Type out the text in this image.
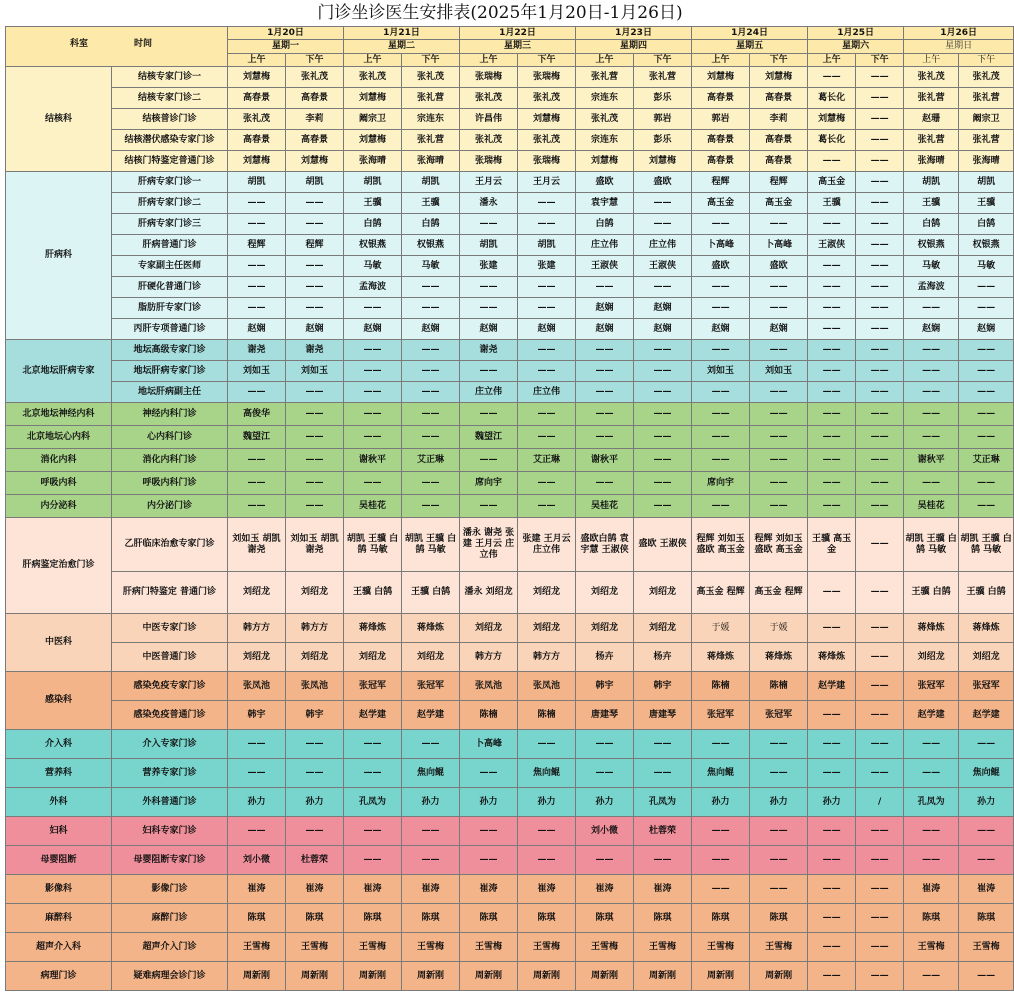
门诊坐诊医生安排表(2025年1月20日-1月26日)
科室 时间		1月20日		1月21日		1月22日		1月23日		1月24日		1月25日		1月26日	
		星期一		星期二		星期三		星期四		星期五		星期六		星期日	
		上午	下午	上午	下午	上午	下午	上午	下午	上午	下午	上午	下午	上午	下午
结核科	结核专家门诊一	刘慧梅	张礼茂	张礼茂	张礼茂	张瑞梅	张瑞梅	张礼营	张礼营	刘慧梅	刘慧梅	——	——	张礼茂	张礼茂
	结核专家门诊二	高春景	高春景	刘慧梅	张礼营	张礼茂	张礼茂	宗连东	彭乐	高春景	高春景	葛长化	——	张礼营	张礼营
	结核普诊门诊	张礼茂	李莉	阚宗卫	宗连东	许昌伟	刘慧梅	张礼茂	郭岩	郭岩	李莉	刘慧梅	——	赵珊	阚宗卫
	结核潜伏感染专家门诊	高春景	高春景	刘慧梅	张礼营	张礼茂	张礼茂	宗连东	彭乐	高春景	高春景	葛长化	——	张礼营	张礼营
	结核门特鉴定普通门诊	刘慧梅	刘慧梅	张海晴	张海晴	张瑞梅	张瑞梅	刘慧梅	刘慧梅	高春景	高春景	——	——	张海晴	张海晴
肝病科	肝病专家门诊一	胡凯	胡凯	胡凯	胡凯	王月云	王月云	盛欧	盛欧	程辉	程辉	高玉金	——	胡凯	胡凯
	肝病专家门诊二	——	——	王骥	王骥	潘永	——	袁宇慧	——	高玉金	高玉金	王骥	——	王骥	王骥
	肝病专家门诊三	——	——	白鹄	白鹄	——	——	白鹄	——	——	——	——	——	白鹄	白鹄
	肝病普通门诊	程辉	程辉	权银燕	权银燕	胡凯	胡凯	庄立伟	庄立伟	卜高峰	卜高峰	王淑侠	——	权银燕	权银燕
	专家副主任医师	——	——	马敏	马敏	张建	张建	王淑侠	王淑侠	盛欧	盛欧	——	——	马敏	马敏
	肝硬化普通门诊	——	——	孟海波	——	——	——	——	——	——	——	——	——	孟海波	——
	脂肪肝专家门诊	——	——	——	——	——	——	赵娴	赵娴	——	——	——	——	——	——
	丙肝专项普通门诊	赵娴	赵娴	赵娴	赵娴	赵娴	赵娴	赵娴	赵娴	赵娴	赵娴	——	——	赵娴	赵娴
北京地坛肝病专家	地坛高级专家门诊	谢尧	谢尧	——	——	谢尧	——	——	——	——	——	——	——	——	——
	地坛肝病专家门诊	刘如玉	刘如玉	——	——	——	——	——	——	刘如玉	刘如玉	——	——	——	——
	地坛肝病副主任	——	——	——	——	庄立伟	庄立伟	——	——	——	——	——	——	——	——
北京地坛神经内科	神经内科门诊	高俊华	——	——	——	——	——	——	——	——	——	——	——	——	——
北京地坛心内科	心内科门诊	魏望江	——	——	——	魏望江	——	——	——	——	——	——	——	——	——
消化内科	消化内科门诊	——	——	谢秋平	艾正琳	——	艾正琳	谢秋平	——	——	——	——	——	谢秋平	艾正琳
呼吸内科	呼吸内科门诊	——	——	——	——	席向宇	——	——	——	席向宇	——	——	——	——	——
内分泌科	内分泌门诊	——	——	吴桂花	——	——	——	吴桂花	——	——	——	——	——	吴桂花	——
肝病鉴定治愈门诊	乙肝临床治愈专家门诊	刘如玉 胡凯 谢尧	刘如玉 胡凯谢尧	胡凯 王骥 白鹄 马敏	胡凯 王骥 白鹄 马敏	潘永 谢尧 张建 王月云 庄立伟	张建 王月云庄立伟	盛欧白鹄 袁宇慧 王淑侠	盛欧 王淑侠	程辉 刘如玉 盛欧 高玉金	程辉 刘如玉 盛欧 高玉金	王骥 高玉金	——	胡凯 王骥 白鹄 马敏	胡凯 王骥 白鹄 马敏
	肝病门特鉴定 普通门诊	刘绍龙	刘绍龙	王骥 白鹄	王骥 白鹄	潘永 刘绍龙	刘绍龙	刘绍龙	刘绍龙	高玉金 程辉	高玉金 程辉	——	——	王骥 白鹄	王骥 白鹄
中医科	中医专家门诊	韩方方	韩方方	蒋烽炼	蒋烽炼	刘绍龙	刘绍龙	刘绍龙	刘绍龙	于媛	于媛	——	——	蒋烽炼	蒋烽炼
	中医普通门诊	刘绍龙	刘绍龙	刘绍龙	刘绍龙	韩方方	韩方方	杨卉	杨卉	蒋烽炼	蒋烽炼	蒋烽炼	——	刘绍龙	刘绍龙
感染科	感染免疫专家门诊	张凤池	张凤池	张冠军	张冠军	张凤池	张凤池	韩宇	韩宇	陈楠	陈楠	赵学建	——	张冠军	张冠军
	感染免疫普通门诊	韩宇	韩宇	赵学建	赵学建	陈楠	陈楠	唐建琴	唐建琴	张冠军	张冠军	——	——	赵学建	赵学建
介入科	介入专家门诊	——	——	——	——	卜高峰	——	——	——	——	——	——	——	——	——
营养科	营养专家门诊	——	——	——	焦向鲲	——	焦向鲲	——	——	焦向鲲	——	——	——	——	焦向鲲
外科	外科普通门诊	孙力	孙力	孔凤为	孙力	孙力	孙力	孙力	孔凤为	孙力	孙力	孙力	/	孔凤为	孙力
妇科	妇科专家门诊	——	——	——	——	——	——	刘小微	杜蓉荣	——	——	——	——	——	——
母婴阻断	母婴阻断专家门诊	刘小微	杜蓉荣	——	——	——	——	——	——	——	——	——	——	——	——
影像科	影像门诊	崔涛	崔涛	崔涛	崔涛	崔涛	崔涛	崔涛	崔涛	——	——	——	——	崔涛	崔涛
麻醉科	麻醉门诊	陈琪	陈琪	陈琪	陈琪	陈琪	陈琪	陈琪	陈琪	陈琪	陈琪	——	——	陈琪	陈琪
超声介入科	超声介入门诊	王雪梅	王雪梅	王雪梅	王雪梅	王雪梅	王雪梅	王雪梅	王雪梅	王雪梅	王雪梅	——	——	王雪梅	王雪梅
病理门诊	疑难病理会诊门诊	周新刚	周新刚	周新刚	周新刚	周新刚	周新刚	周新刚	周新刚	周新刚	周新刚	——	——	——	——
